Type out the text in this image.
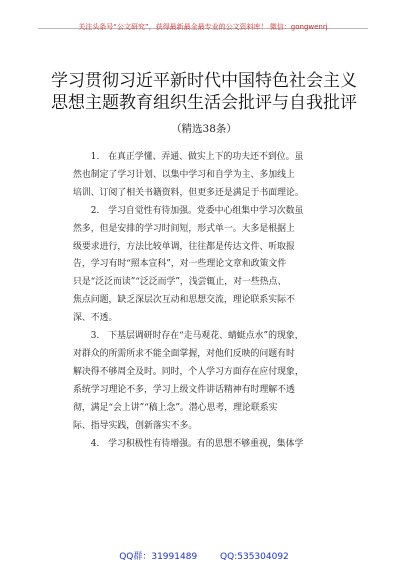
关注头条号“公文研究”，获得最新最全最专业的公文资料库！ 微信：gongwenrj
学习贯彻习近平新时代中国特色社会主义
思想主题教育组织生活会批评与自我批评
（精选38条）

1.　在真正学懂、弄通、做实上下的功夫还不到位。虽
然也制定了学习计划、以集中学习和自学为主、多加线上
培训、订阅了相关书籍资料，但更多还是满足于书面理论。

2.　学习自觉性有待加强。党委中心组集中学习次数虽
然多，但是安排的学习时间短，形式单一。大多是根据上
级要求进行，方法比较单调，往往都是传达文件、听取报
告，学习有时“照本宣科”，对一些理论文章和政策文件
只是“泛泛而读”“泛泛而学”，浅尝辄止，对一些热点、
焦点问题，缺乏深层次互动和思想交流，理论联系实际不
深、不透。

3.　下基层调研时存在“走马观花、蜻蜓点水”的现象，
对群众的所需所求不能全面掌握，对他们反映的问题有时
解决得不够周全及时。同时，个人学习方面存在应付现象，
系统学习理论不多，学习上级文件讲话精神有时理解不透
彻，满足“会上讲”“稿上念”。潜心思考，理论联系实
际、指导实践，创新落实不多。

4.　学习积极性有待增强。有的思想不够重视，集体学

QQ群：31991489	QQ:535304092
